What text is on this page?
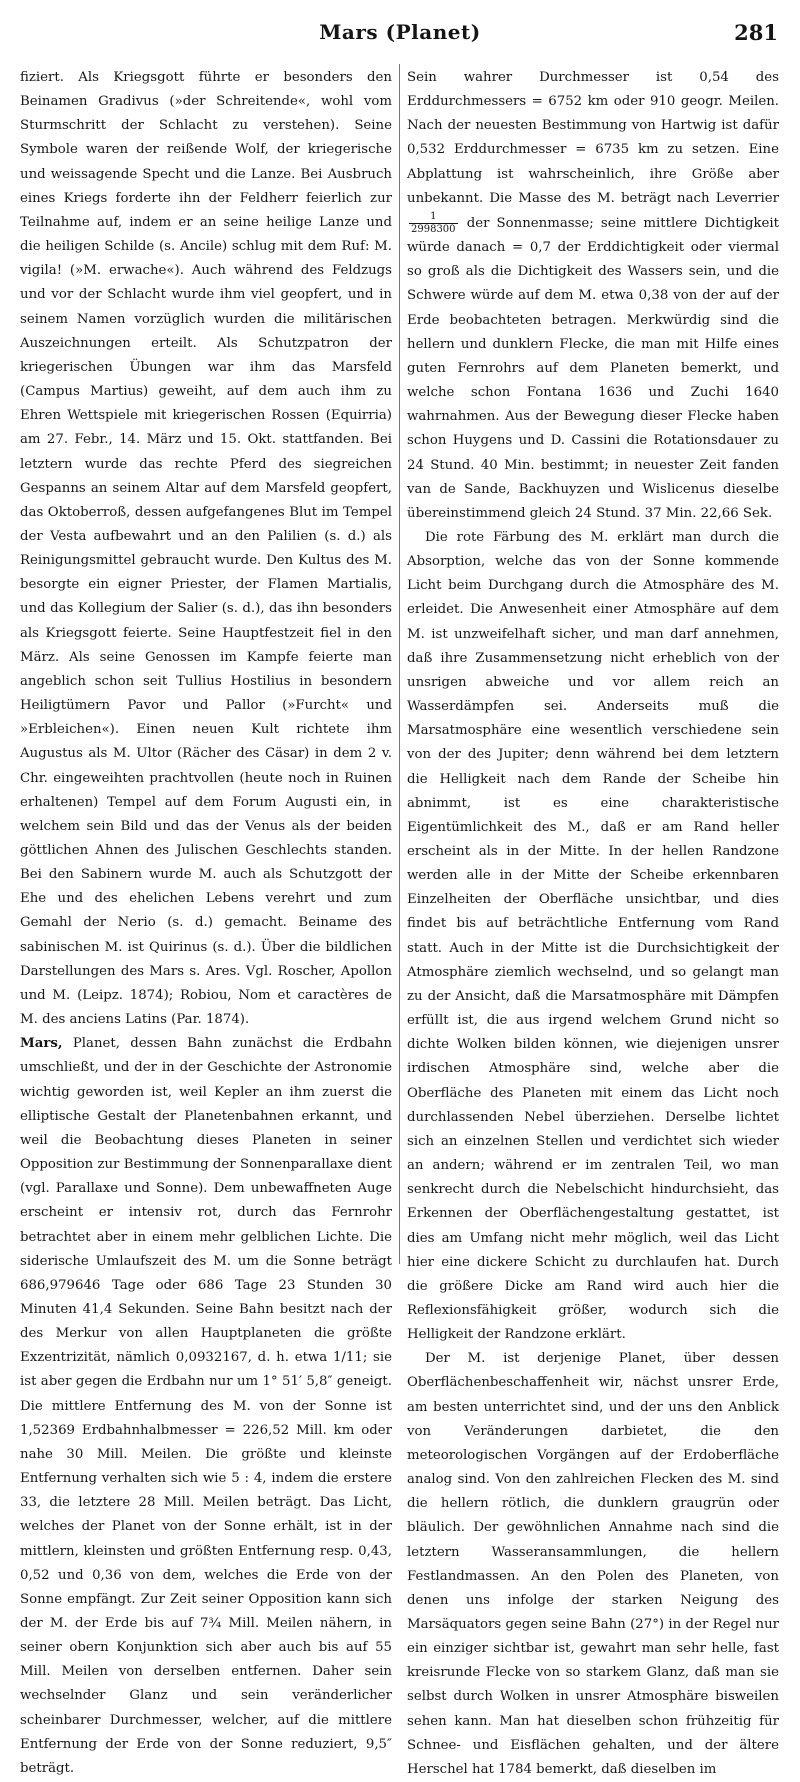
Mars (Planet)	281

fiziert. Als Kriegsgott führte er besonders den Beinamen Gradivus (»der Schreitende«, wohl vom Sturmschritt der Schlacht zu verstehen). Seine Symbole waren der reißende Wolf, der kriegerische und weissagende Specht und die Lanze. Bei Ausbruch eines Kriegs forderte ihn der Feldherr feierlich zur Teilnahme auf, indem er an seine heilige Lanze und die heiligen Schilde (s. Ancile) schlug mit dem Ruf: M. vigila! (»M. erwache«). Auch während des Feldzugs und vor der Schlacht wurde ihm viel geopfert, und in seinem Namen vorzüglich wurden die militärischen Auszeichnungen erteilt. Als Schutzpatron der kriegerischen Übungen war ihm das Marsfeld (Campus Martius) geweiht, auf dem auch ihm zu Ehren Wettspiele mit kriegerischen Rossen (Equirria) am 27. Febr., 14. März und 15. Okt. stattfanden. Bei letztern wurde das rechte Pferd des siegreichen Gespanns an seinem Altar auf dem Marsfeld geopfert, das Oktoberroß, dessen aufgefangenes Blut im Tempel der Vesta aufbewahrt und an den Palilien (s. d.) als Reinigungsmittel gebraucht wurde. Den Kultus des M. besorgte ein eigner Priester, der Flamen Martialis, und das Kollegium der Salier (s. d.), das ihn besonders als Kriegsgott feierte. Seine Hauptfestzeit fiel in den März. Als seine Genossen im Kampfe feierte man angeblich schon seit Tullius Hostilius in besondern Heiligtümern Pavor und Pallor (»Furcht« und »Erbleichen«). Einen neuen Kult richtete ihm Augustus als M. Ultor (Rächer des Cäsar) in dem 2 v. Chr. eingeweihten prachtvollen (heute noch in Ruinen erhaltenen) Tempel auf dem Forum Augusti ein, in welchem sein Bild und das der Venus als der beiden göttlichen Ahnen des Julischen Geschlechts standen. Bei den Sabinern wurde M. auch als Schutzgott der Ehe und des ehelichen Lebens verehrt und zum Gemahl der Nerio (s. d.) gemacht. Beiname des sabinischen M. ist Quirinus (s. d.). Über die bildlichen Darstellungen des Mars s. Ares. Vgl. Roscher, Apollon und M. (Leipz. 1874); Robiou, Nom et caractères de M. des anciens Latins (Par. 1874).

Mars, Planet, dessen Bahn zunächst die Erdbahn umschließt, und der in der Geschichte der Astronomie wichtig geworden ist, weil Kepler an ihm zuerst die elliptische Gestalt der Planetenbahnen erkannt, und weil die Beobachtung dieses Planeten in seiner Opposition zur Bestimmung der Sonnenparallaxe dient (vgl. Parallaxe und Sonne). Dem unbewaffneten Auge erscheint er intensiv rot, durch das Fernrohr betrachtet aber in einem mehr gelblichen Lichte. Die siderische Umlaufszeit des M. um die Sonne beträgt 686,979646 Tage oder 686 Tage 23 Stunden 30 Minuten 41,4 Sekunden. Seine Bahn besitzt nach der des Merkur von allen Hauptplaneten die größte Exzentrizität, nämlich 0,0932167, d. h. etwa 1/11; sie ist aber gegen die Erdbahn nur um 1° 51′ 5,8″ geneigt. Die mittlere Entfernung des M. von der Sonne ist 1,52369 Erdbahnhalbmesser = 226,52 Mill. km oder nahe 30 Mill. Meilen. Die größte und kleinste Entfernung verhalten sich wie 5 : 4, indem die erstere 33, die letztere 28 Mill. Meilen beträgt. Das Licht, welches der Planet von der Sonne erhält, ist in der mittlern, kleinsten und größten Entfernung resp. 0,43, 0,52 und 0,36 von dem, welches die Erde von der Sonne empfängt. Zur Zeit seiner Opposition kann sich der M. der Erde bis auf 7¾ Mill. Meilen nähern, in seiner obern Konjunktion sich aber auch bis auf 55 Mill. Meilen von derselben entfernen. Daher sein wechselnder Glanz und sein veränderlicher scheinbarer Durchmesser, welcher, auf die mittlere Entfernung der Erde von der Sonne reduziert, 9,5″ beträgt.

Sein wahrer Durchmesser ist 0,54 des Erddurchmessers = 6752 km oder 910 geogr. Meilen. Nach der neuesten Bestimmung von Hartwig ist dafür 0,532 Erddurchmesser = 6735 km zu setzen. Eine Abplattung ist wahrscheinlich, ihre Größe aber unbekannt. Die Masse des M. beträgt nach Leverrier
$\frac{1}{2998300}$ der Sonnenmasse; seine mittlere Dichtigkeit würde danach = 0,7 der Erddichtigkeit oder viermal so groß als die Dichtigkeit des Wassers sein, und die Schwere würde auf dem M. etwa 0,38 von der auf der Erde beobachteten betragen. Merkwürdig sind die hellern und dunklern Flecke, die man mit Hilfe eines guten Fernrohrs auf dem Planeten bemerkt, und welche schon Fontana 1636 und Zuchi 1640 wahrnahmen. Aus der Bewegung dieser Flecke haben schon Huygens und D. Cassini die Rotationsdauer zu 24 Stund. 40 Min. bestimmt; in neuester Zeit fanden van de Sande, Backhuyzen und Wislicenus dieselbe übereinstimmend gleich 24 Stund. 37 Min. 22,66 Sek.

Die rote Färbung des M. erklärt man durch die Absorption, welche das von der Sonne kommende Licht beim Durchgang durch die Atmosphäre des M. erleidet. Die Anwesenheit einer Atmosphäre auf dem M. ist unzweifelhaft sicher, und man darf annehmen, daß ihre Zusammensetzung nicht erheblich von der unsrigen abweiche und vor allem reich an Wasserdämpfen sei. Anderseits muß die Marsatmosphäre eine wesentlich verschiedene sein von der des Jupiter; denn während bei dem letztern die Helligkeit nach dem Rande der Scheibe hin abnimmt, ist es eine charakteristische Eigentümlichkeit des M., daß er am Rand heller erscheint als in der Mitte. In der hellen Randzone werden alle in der Mitte der Scheibe erkennbaren Einzelheiten der Oberfläche unsichtbar, und dies findet bis auf beträchtliche Entfernung vom Rand statt. Auch in der Mitte ist die Durchsichtigkeit der Atmosphäre ziemlich wechselnd, und so gelangt man zu der Ansicht, daß die Marsatmosphäre mit Dämpfen erfüllt ist, die aus irgend welchem Grund nicht so dichte Wolken bilden können, wie diejenigen unsrer irdischen Atmosphäre sind, welche aber die Oberfläche des Planeten mit einem das Licht noch durchlassenden Nebel überziehen. Derselbe lichtet sich an einzelnen Stellen und verdichtet sich wieder an andern; während er im zentralen Teil, wo man senkrecht durch die Nebelschicht hindurchsieht, das Erkennen der Oberflächengestaltung gestattet, ist dies am Umfang nicht mehr möglich, weil das Licht hier eine dickere Schicht zu durchlaufen hat. Durch die größere Dicke am Rand wird auch hier die Reflexionsfähigkeit größer, wodurch sich die Helligkeit der Randzone erklärt.

Der M. ist derjenige Planet, über dessen Oberflächenbeschaffenheit wir, nächst unsrer Erde, am besten unterrichtet sind, und der uns den Anblick von Veränderungen darbietet, die den meteorologischen Vorgängen auf der Erdoberfläche analog sind. Von den zahlreichen Flecken des M. sind die hellern rötlich, die dunklern graugrün oder bläulich. Der gewöhnlichen Annahme nach sind die letztern Wasseransammlungen, die hellern Festlandmassen. An den Polen des Planeten, von denen uns infolge der starken Neigung des Marsäquators gegen seine Bahn (27°) in der Regel nur ein einziger sichtbar ist, gewahrt man sehr helle, fast kreisrunde Flecke von so starkem Glanz, daß man sie selbst durch Wolken in unsrer Atmosphäre bisweilen sehen kann. Man hat dieselben schon frühzeitig für Schnee- und Eisflächen gehalten, und der ältere Herschel hat 1784 bemerkt, daß dieselben im
